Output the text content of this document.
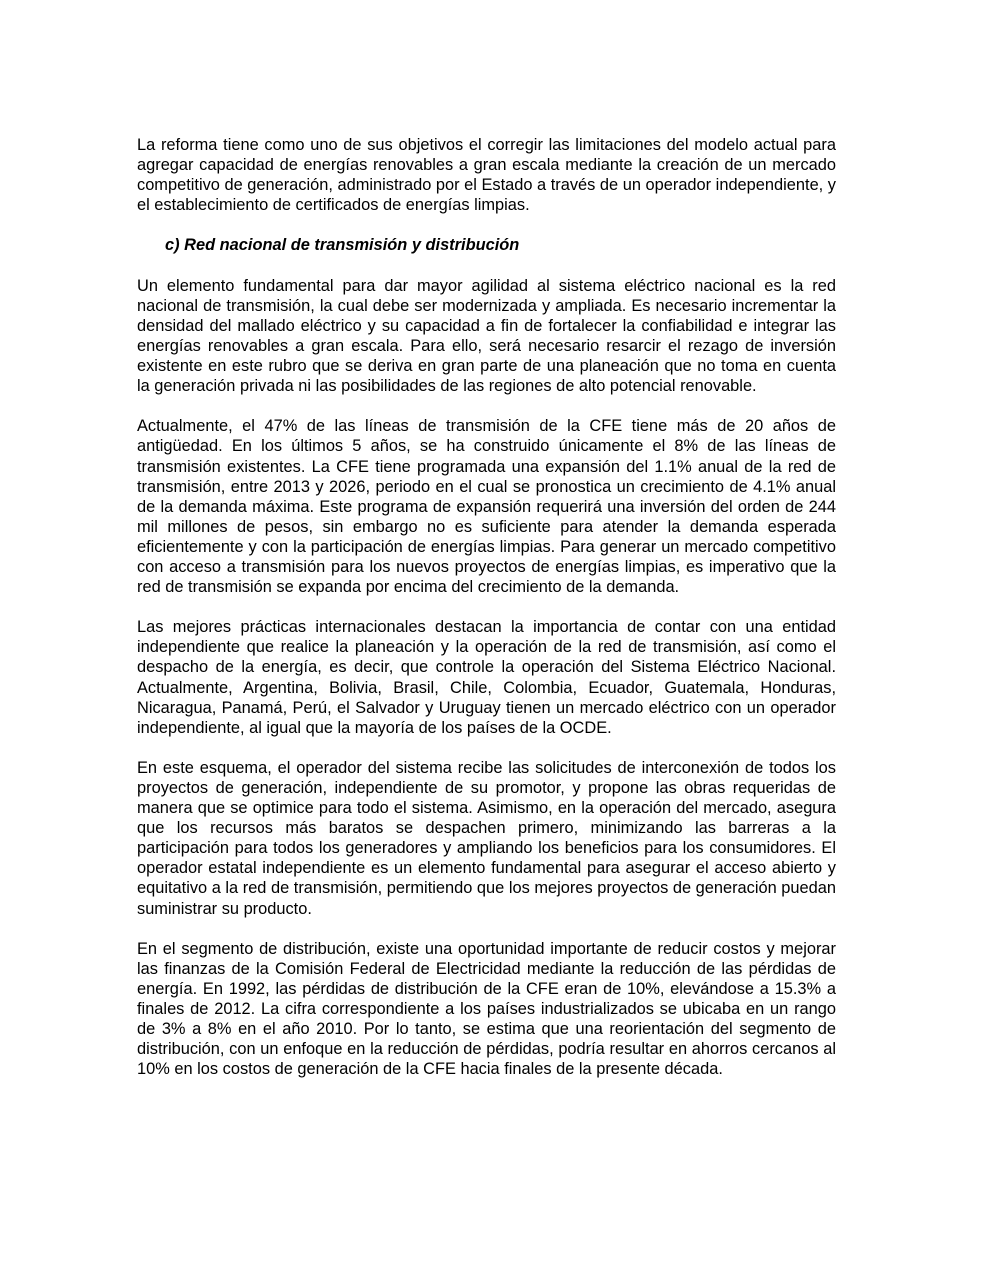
La reforma tiene como uno de sus objetivos el corregir las limitaciones del modelo actual para agregar capacidad de energías renovables a gran escala mediante la creación de un mercado competitivo de generación, administrado por el Estado a través de un operador independiente, y el establecimiento de certificados de energías limpias.

c) Red nacional de transmisión y distribución

Un elemento fundamental para dar mayor agilidad al sistema eléctrico nacional es la red nacional de transmisión, la cual debe ser modernizada y ampliada. Es necesario incrementar la densidad del mallado eléctrico y su capacidad a fin de fortalecer la confiabilidad e integrar las energías renovables a gran escala. Para ello, será necesario resarcir el rezago de inversión existente en este rubro que se deriva en gran parte de una planeación que no toma en cuenta la generación privada ni las posibilidades de las regiones de alto potencial renovable.

Actualmente, el 47% de las líneas de transmisión de la CFE tiene más de 20 años de antigüedad. En los últimos 5 años, se ha construido únicamente el 8% de las líneas de transmisión existentes. La CFE tiene programada una expansión del 1.1% anual de la red de transmisión, entre 2013 y 2026, periodo en el cual se pronostica un crecimiento de 4.1% anual de la demanda máxima. Este programa de expansión requerirá una inversión del orden de 244 mil millones de pesos, sin embargo no es suficiente para atender la demanda esperada eficientemente y con la participación de energías limpias. Para generar un mercado competitivo con acceso a transmisión para los nuevos proyectos de energías limpias, es imperativo que la red de transmisión se expanda por encima del crecimiento de la demanda.

Las mejores prácticas internacionales destacan la importancia de contar con una entidad independiente que realice la planeación y la operación de la red de transmisión, así como el despacho de la energía, es decir, que controle la operación del Sistema Eléctrico Nacional. Actualmente, Argentina, Bolivia, Brasil, Chile, Colombia, Ecuador, Guatemala, Honduras, Nicaragua, Panamá, Perú, el Salvador y Uruguay tienen un mercado eléctrico con un operador independiente, al igual que la mayoría de los países de la OCDE.

En este esquema, el operador del sistema recibe las solicitudes de interconexión de todos los proyectos de generación, independiente de su promotor, y propone las obras requeridas de manera que se optimice para todo el sistema. Asimismo, en la operación del mercado, asegura que los recursos más baratos se despachen primero, minimizando las barreras a la participación para todos los generadores y ampliando los beneficios para los consumidores. El operador estatal independiente es un elemento fundamental para asegurar el acceso abierto y equitativo a la red de transmisión, permitiendo que los mejores proyectos de generación puedan suministrar su producto.

En el segmento de distribución, existe una oportunidad importante de reducir costos y mejorar las finanzas de la Comisión Federal de Electricidad mediante la reducción de las pérdidas de energía. En 1992, las pérdidas de distribución de la CFE eran de 10%, elevándose a 15.3% a finales de 2012. La cifra correspondiente a los países industrializados se ubicaba en un rango de 3% a 8% en el año 2010. Por lo tanto, se estima que una reorientación del segmento de distribución, con un enfoque en la reducción de pérdidas, podría resultar en ahorros cercanos al 10% en los costos de generación de la CFE hacia finales de la presente década.
